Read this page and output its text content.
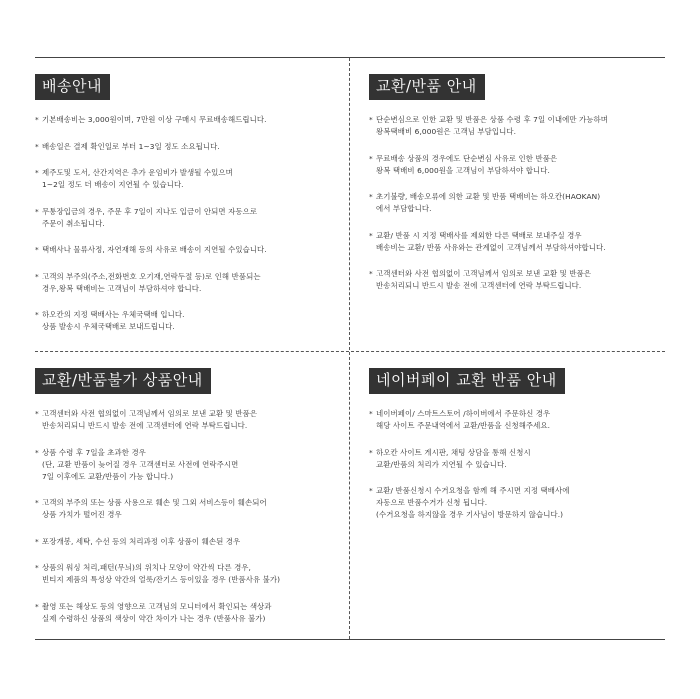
배송안내
* 기본배송비는 3,000원이며, 7만원 이상 구매시 무료배송해드립니다.
* 배송일은 결제 확인일로 부터 1~3일 정도 소요됩니다.
* 제주도및 도서, 산간지역은 추가 운임비가 발생될 수있으며
1~2일 정도 더 배송이 지연될 수 있습니다.
* 무통장입금의 경우, 주문 후 7일이 지나도 입금이 안되면 자동으로
주문이 취소됩니다.
* 택배사나 물류사정, 자연재해 등의 사유로 배송이 지연될 수있습니다.
* 고객의 부주의(주소,전화번호 오기재,연락두절 등)로 인해 반품되는
경우,왕복 택배비는 고객님이 부담하셔야 합니다.
* 하오칸의 지정 택배사는 우체국택배 입니다.
상품 발송시 우체국택배로 보내드립니다.
교환/반품 안내
* 단순변심으로 인한 교환 및 반품은 상품 수령 후 7일 이내에만 가능하며
왕복택배비 6,000원은 고객님 부담입니다.
* 무료배송 상품의 경우에도 단순변심 사유로 인한 반품은
왕복 택배비 6,000원을 고객님이 부담하셔야 합니다.
* 초기불량, 배송오류에 의한 교환 및 반품 택배비는 하오칸(HAOKAN)
에서 부담합니다.
* 교환/ 반품 시 지정 택배사를 제외한 다른 택배로 보내주실 경우
배송비는 교환/ 반품 사유와는 관계없이 고객님께서 부담하셔야합니다.
* 고객센터와 사전 협의없이 고객님께서 임의로 보낸 교환 및 반품은
반송처리되니 반드시 발송 전에 고객센터에 연락 부탁드립니다.
교환/반품불가 상품안내
* 고객센터와 사전 협의없이 고객님께서 임의로 보낸 교환 및 반품은
반송처리되니 반드시 발송 전에 고객센터에 연락 부탁드립니다.
* 상품 수령 후 7일을 초과한 경우
(단, 교환 반품이 늦어질 경우 고객센터로 사전에 연락주시면
7일 이후에도 교환/반품이 가능 합니다.)
* 고객의 부주의 또는 상품 사용으로 훼손 및 그외 서비스등이 훼손되어
상품 가치가 떨어진 경우
* 포장개봉, 세탁, 수선 등의 처리과정 이후 상품이 훼손된 경우
* 상품의 워싱 처리,패턴(무늬)의 위치나 모양이 약간씩 다른 경우,
빈티지 제품의 특성상 약간의 얼룩/잔기스 등이있을 경우 (반품사유 불가)
* 촬영 또는 해상도 등의 영향으로 고객님의 모니터에서 확인되는 색상과
실제 수령하신 상품의 색상이 약간 차이가 나는 경우 (반품사유 불가)
네이버페이 교환 반품 안내
* 네이버페이/ 스마트스토어 /하이버에서 주문하신 경우
해당 사이트 주문내역에서 교환/반품을 신청해주세요.
* 하오칸 사이트 게시판, 채팅 상담을 통해 신청시
교환/반품의 처리가 지연될 수 있습니다.
* 교환/ 반품신청시 수거요청을 함께 해 주시면 지정 택배사에
자동으로 반품수거가 신청 됩니다.
(수거요청을 하지않을 경우 기사님이 방문하지 않습니다.)
